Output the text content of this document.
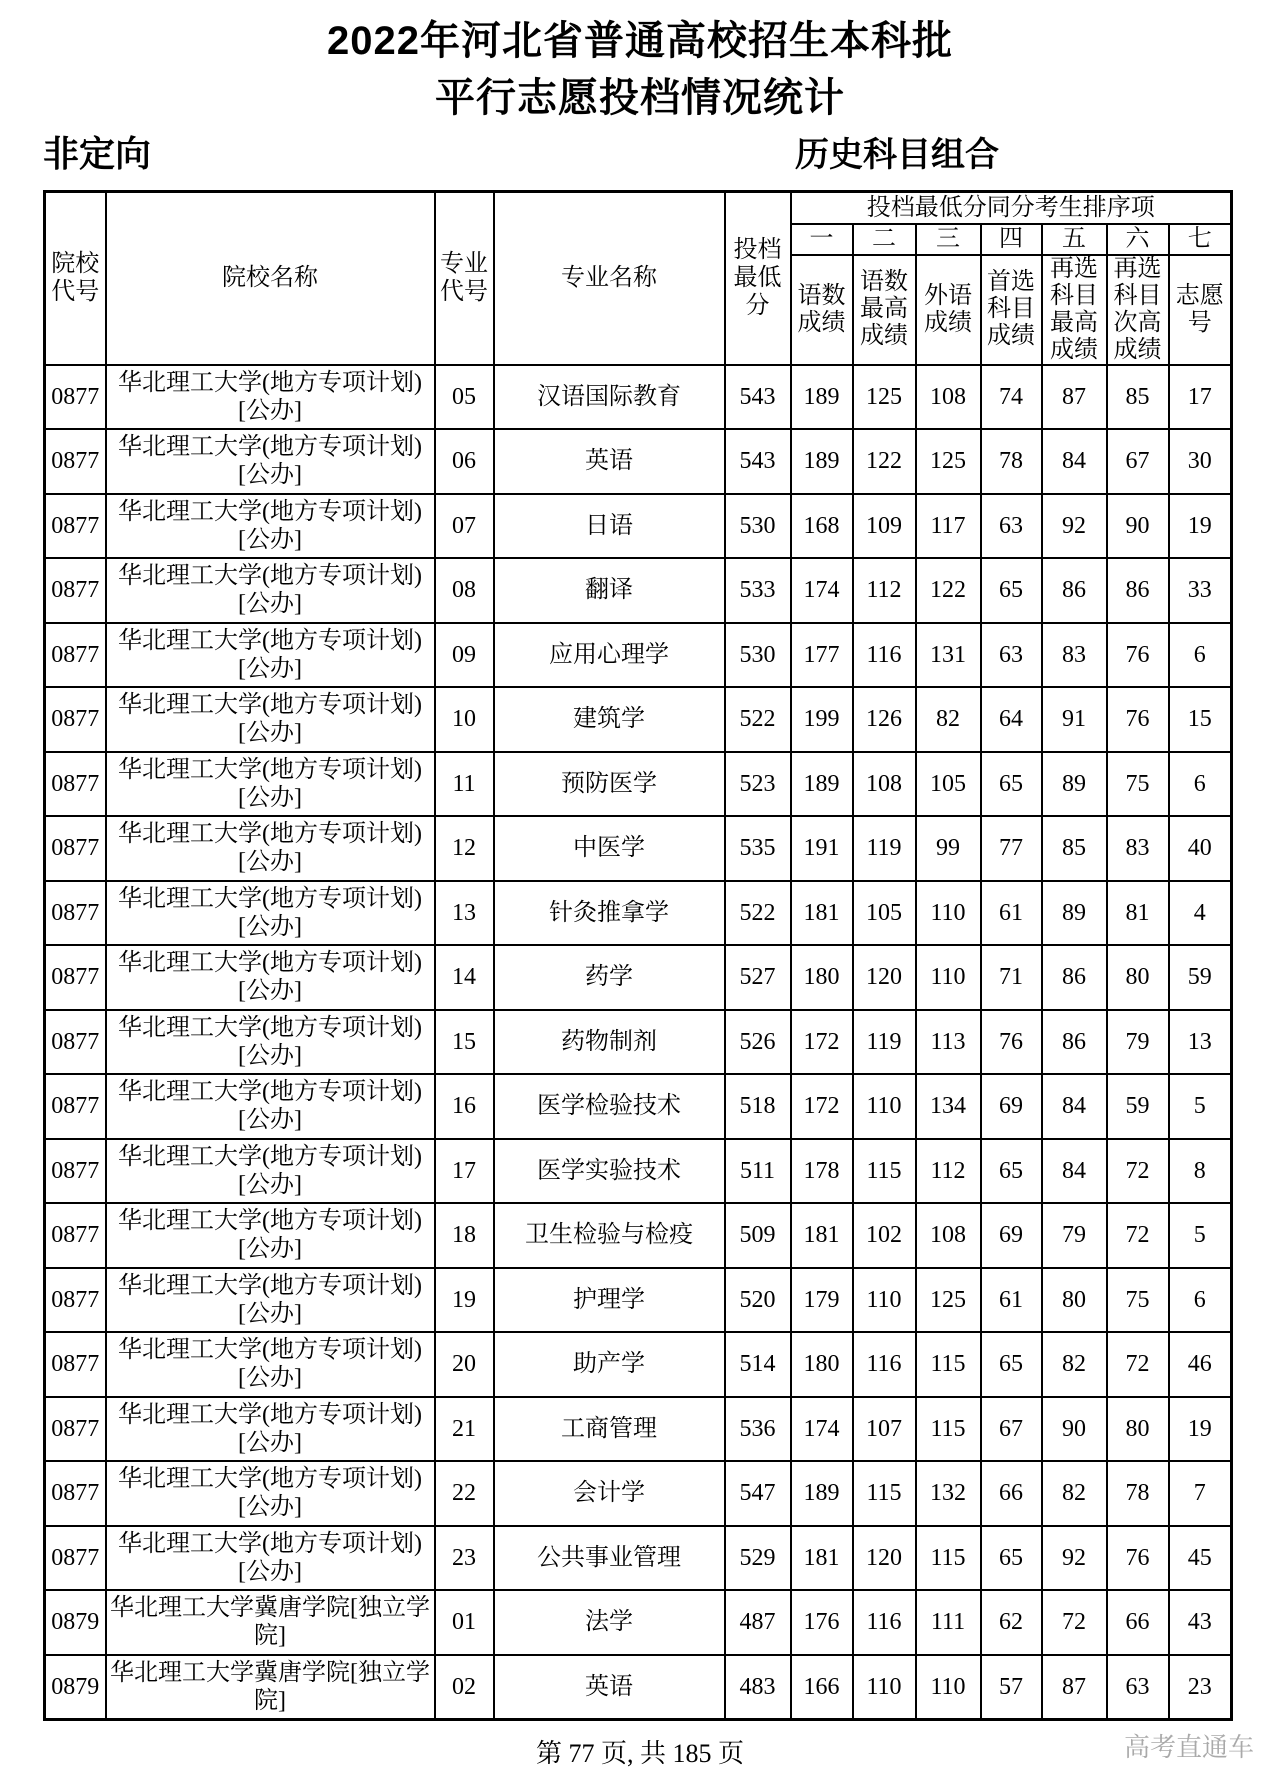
2022年河北省普通高校招生本科批
平行志愿投档情况统计
非定向	历史科目组合
院校代号	院校名称	专业代号	专业名称	投档最低分	投档最低分同分考生排序项						
					一	二	三	四	五	六	七
					语数成绩	语数最高成绩	外语成绩	首选科目成绩	再选科目最高成绩	再选科目次高成绩	志愿号
0877	华北理工大学(地方专项计划)[公办]	05	汉语国际教育	543	189	125	108	74	87	85	17
0877	华北理工大学(地方专项计划)[公办]	06	英语	543	189	122	125	78	84	67	30
0877	华北理工大学(地方专项计划)[公办]	07	日语	530	168	109	117	63	92	90	19
0877	华北理工大学(地方专项计划)[公办]	08	翻译	533	174	112	122	65	86	86	33
0877	华北理工大学(地方专项计划)[公办]	09	应用心理学	530	177	116	131	63	83	76	6
0877	华北理工大学(地方专项计划)[公办]	10	建筑学	522	199	126	82	64	91	76	15
0877	华北理工大学(地方专项计划)[公办]	11	预防医学	523	189	108	105	65	89	75	6
0877	华北理工大学(地方专项计划)[公办]	12	中医学	535	191	119	99	77	85	83	40
0877	华北理工大学(地方专项计划)[公办]	13	针灸推拿学	522	181	105	110	61	89	81	4
0877	华北理工大学(地方专项计划)[公办]	14	药学	527	180	120	110	71	86	80	59
0877	华北理工大学(地方专项计划)[公办]	15	药物制剂	526	172	119	113	76	86	79	13
0877	华北理工大学(地方专项计划)[公办]	16	医学检验技术	518	172	110	134	69	84	59	5
0877	华北理工大学(地方专项计划)[公办]	17	医学实验技术	511	178	115	112	65	84	72	8
0877	华北理工大学(地方专项计划)[公办]	18	卫生检验与检疫	509	181	102	108	69	79	72	5
0877	华北理工大学(地方专项计划)[公办]	19	护理学	520	179	110	125	61	80	75	6
0877	华北理工大学(地方专项计划)[公办]	20	助产学	514	180	116	115	65	82	72	46
0877	华北理工大学(地方专项计划)[公办]	21	工商管理	536	174	107	115	67	90	80	19
0877	华北理工大学(地方专项计划)[公办]	22	会计学	547	189	115	132	66	82	78	7
0877	华北理工大学(地方专项计划)[公办]	23	公共事业管理	529	181	120	115	65	92	76	45
0879	华北理工大学冀唐学院[独立学院]	01	法学	487	176	116	111	62	72	66	43
0879	华北理工大学冀唐学院[独立学院]	02	英语	483	166	110	110	57	87	63	23
第 77 页, 共 185 页	高考直通车
